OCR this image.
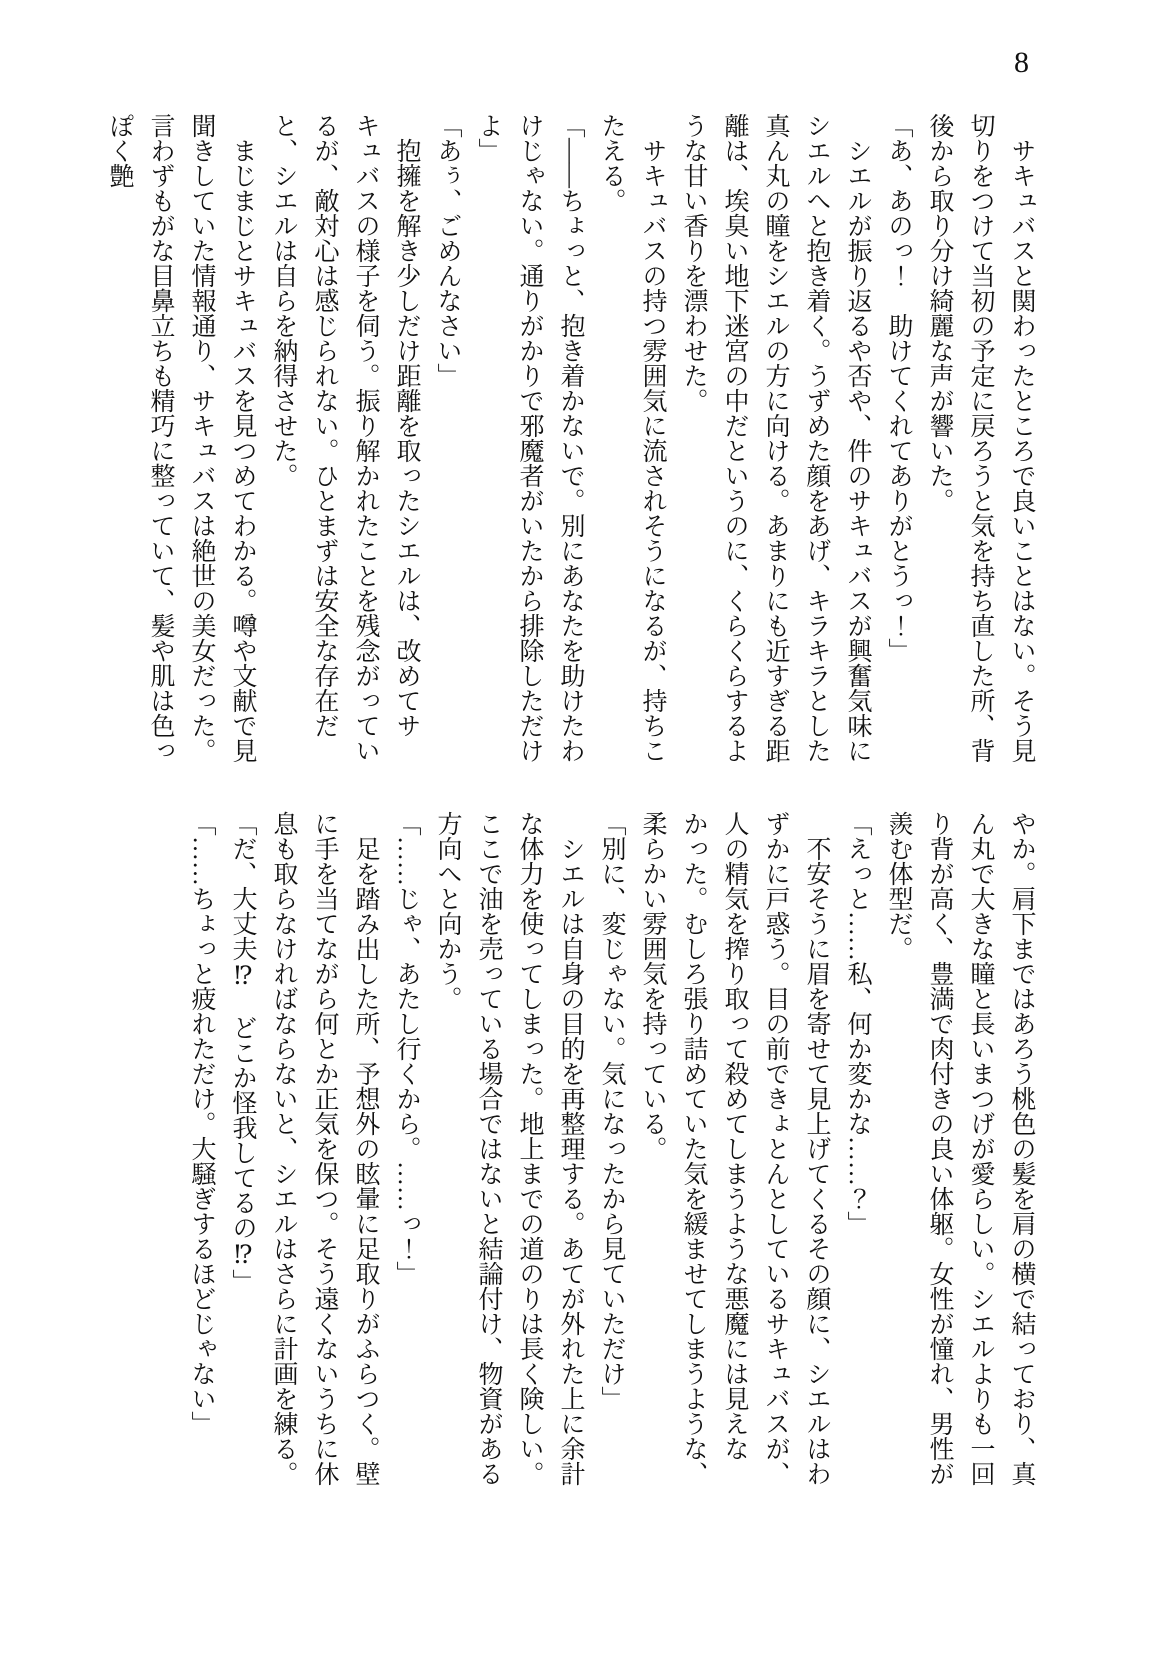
8

サキュバスと関わったところで良いことはない。そう見切りをつけて当初の予定に戻ろうと気を持ち直した所、背後から取り分け綺麗な声が響いた。

「あ、あのっ！　助けてくれてありがとうっ！」

シエルが振り返るや否や、件のサキュバスが興奮気味にシエルへと抱き着く。うずめた顔をあげ、キラキラとした真ん丸の瞳をシエルの方に向ける。あまりにも近すぎる距離は、埃臭い地下迷宮の中だというのに、くらくらするような甘い香りを漂わせた。

サキュバスの持つ雰囲気に流されそうになるが、持ちこたえる。

「――ちょっと、抱き着かないで。別にあなたを助けたわけじゃない。通りがかりで邪魔者がいたから排除しただけよ」

「あぅ、ごめんなさい」

抱擁を解き少しだけ距離を取ったシエルは、改めてサキュバスの様子を伺う。振り解かれたことを残念がっているが、敵対心は感じられない。ひとまずは安全な存在だと、シエルは自らを納得させた。

まじまじとサキュバスを見つめてわかる。噂や文献で見聞きしていた情報通り、サキュバスは絶世の美女だった。言わずもがな目鼻立ちも精巧に整っていて、髪や肌は色っぽく艶

やか。肩下まではあろう桃色の髪を肩の横で結っており、真ん丸で大きな瞳と長いまつげが愛らしい。シエルよりも一回り背が高く、豊満で肉付きの良い体躯。女性が憧れ、男性が羨む体型だ。

「えっと……私、何か変かな……？」

不安そうに眉を寄せて見上げてくるその顔に、シエルはわずかに戸惑う。目の前できょとんとしているサキュバスが、人の精気を搾り取って殺めてしまうような悪魔には見えなかった。むしろ張り詰めていた気を緩ませてしまうような、柔らかい雰囲気を持っている。

「別に、変じゃない。気になったから見ていただけ」

シエルは自身の目的を再整理する。あてが外れた上に余計な体力を使ってしまった。地上までの道のりは長く険しい。ここで油を売っている場合ではないと結論付け、物資がある方向へと向かう。

「……じゃ、あたし行くから。……っ！」

足を踏み出した所、予想外の眩暈に足取りがふらつく。壁に手を当てながら何とか正気を保つ。そう遠くないうちに休息も取らなければならないと、シエルはさらに計画を練る。

「だ、大丈夫⁉　どこか怪我してるの⁉」

「……ちょっと疲れただけ。大騒ぎするほどじゃない」
